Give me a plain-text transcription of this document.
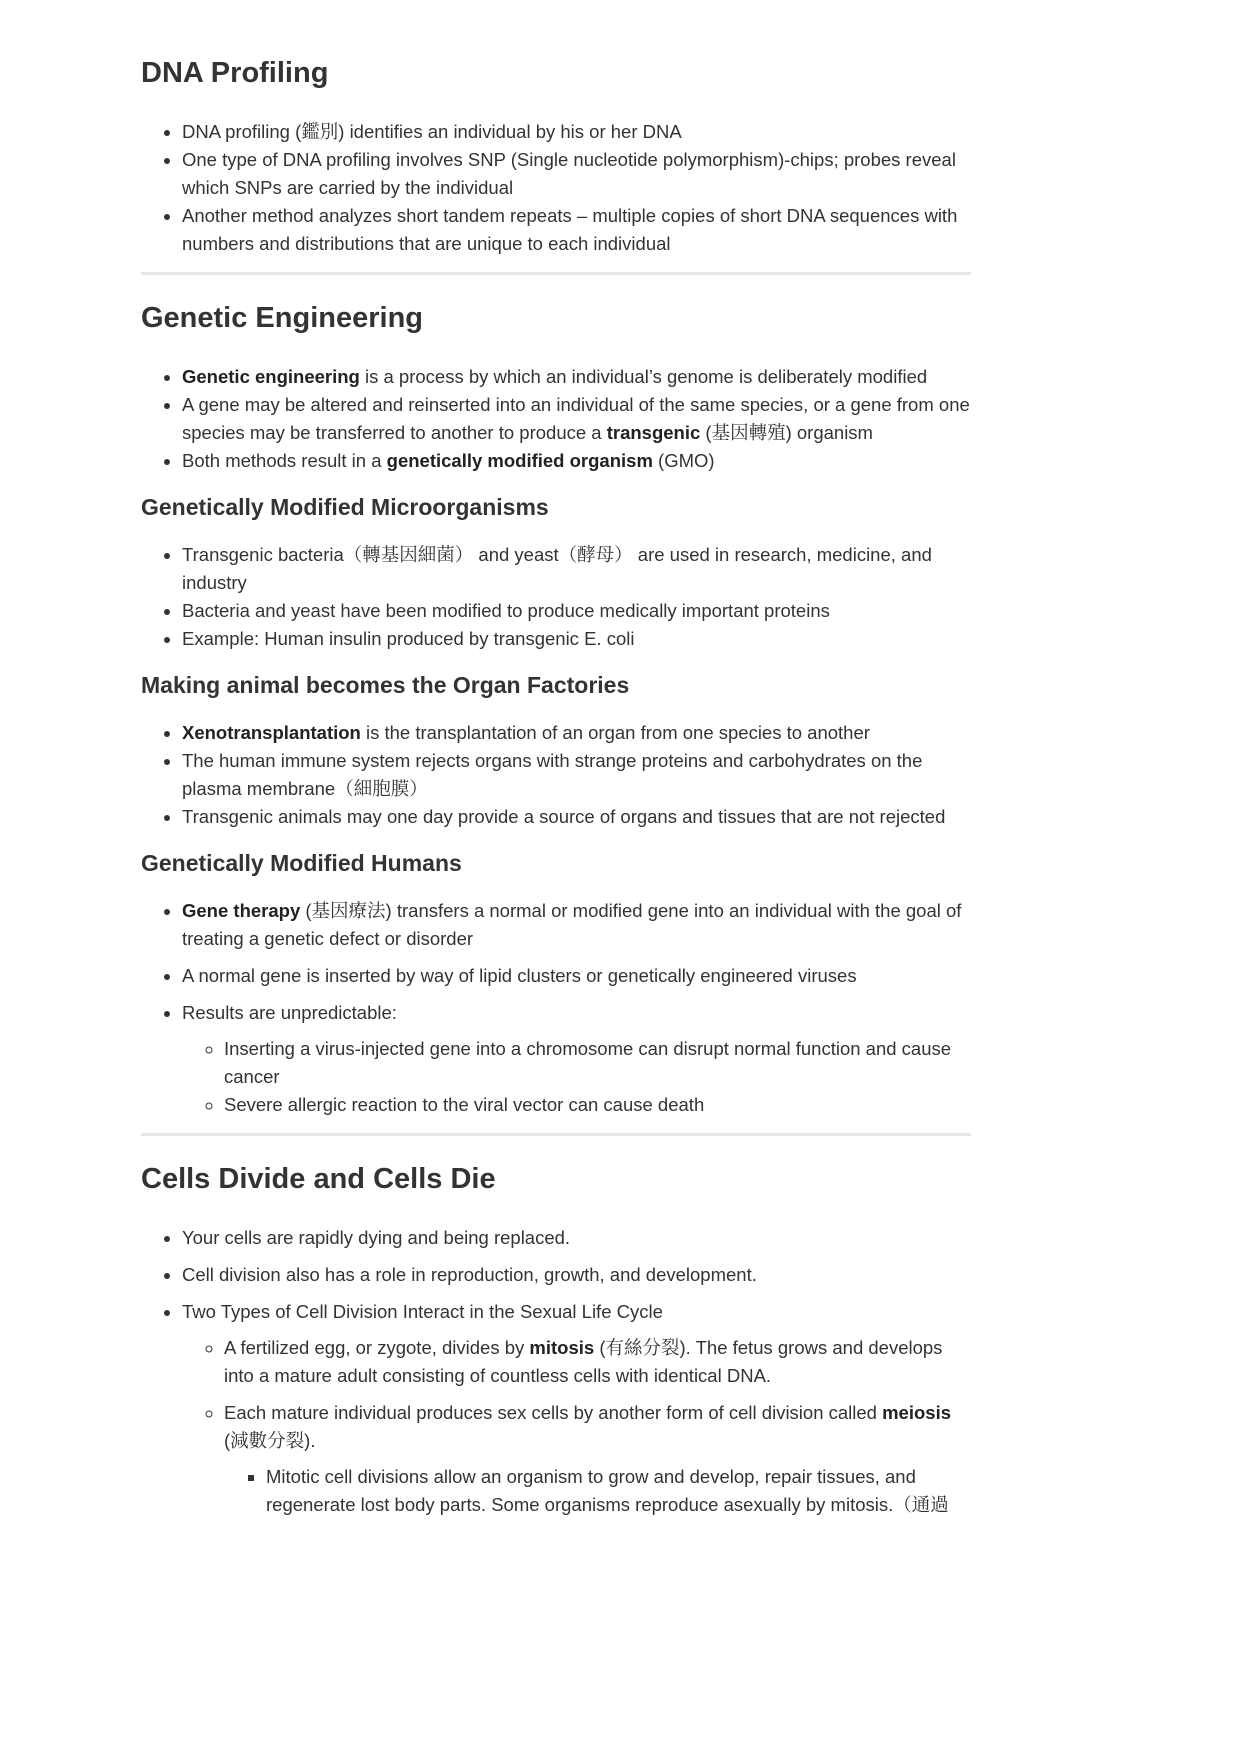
DNA Profiling
• DNA profiling (鑑別) identifies an individual by his or her DNA
• One type of DNA profiling involves SNP (Single nucleotide polymorphism)-chips; probes reveal which SNPs are carried by the individual
• Another method analyzes short tandem repeats – multiple copies of short DNA sequences with numbers and distributions that are unique to each individual
Genetic Engineering
• Genetic engineering is a process by which an individual’s genome is deliberately modified
• A gene may be altered and reinserted into an individual of the same species, or a gene from one species may be transferred to another to produce a transgenic (基因轉殖) organism
• Both methods result in a genetically modified organism (GMO)
Genetically Modified Microorganisms
• Transgenic bacteria（轉基因細菌） and yeast（酵母） are used in research, medicine, and industry
• Bacteria and yeast have been modified to produce medically important proteins
• Example: Human insulin produced by transgenic E. coli
Making animal becomes the Organ Factories
• Xenotransplantation is the transplantation of an organ from one species to another
• The human immune system rejects organs with strange proteins and carbohydrates on the plasma membrane（細胞膜）
• Transgenic animals may one day provide a source of organs and tissues that are not rejected
Genetically Modified Humans
• Gene therapy (基因療法) transfers a normal or modified gene into an individual with the goal of treating a genetic defect or disorder
• A normal gene is inserted by way of lipid clusters or genetically engineered viruses
• Results are unpredictable:
◦ Inserting a virus-injected gene into a chromosome can disrupt normal function and cause cancer
◦ Severe allergic reaction to the viral vector can cause death
Cells Divide and Cells Die
• Your cells are rapidly dying and being replaced.
• Cell division also has a role in reproduction, growth, and development.
• Two Types of Cell Division Interact in the Sexual Life Cycle
◦ A fertilized egg, or zygote, divides by mitosis (有絲分裂). The fetus grows and develops into a mature adult consisting of countless cells with identical DNA.
◦ Each mature individual produces sex cells by another form of cell division called meiosis (減數分裂).
▪ Mitotic cell divisions allow an organism to grow and develop, repair tissues, and regenerate lost body parts. Some organisms reproduce asexually by mitosis.（通過
